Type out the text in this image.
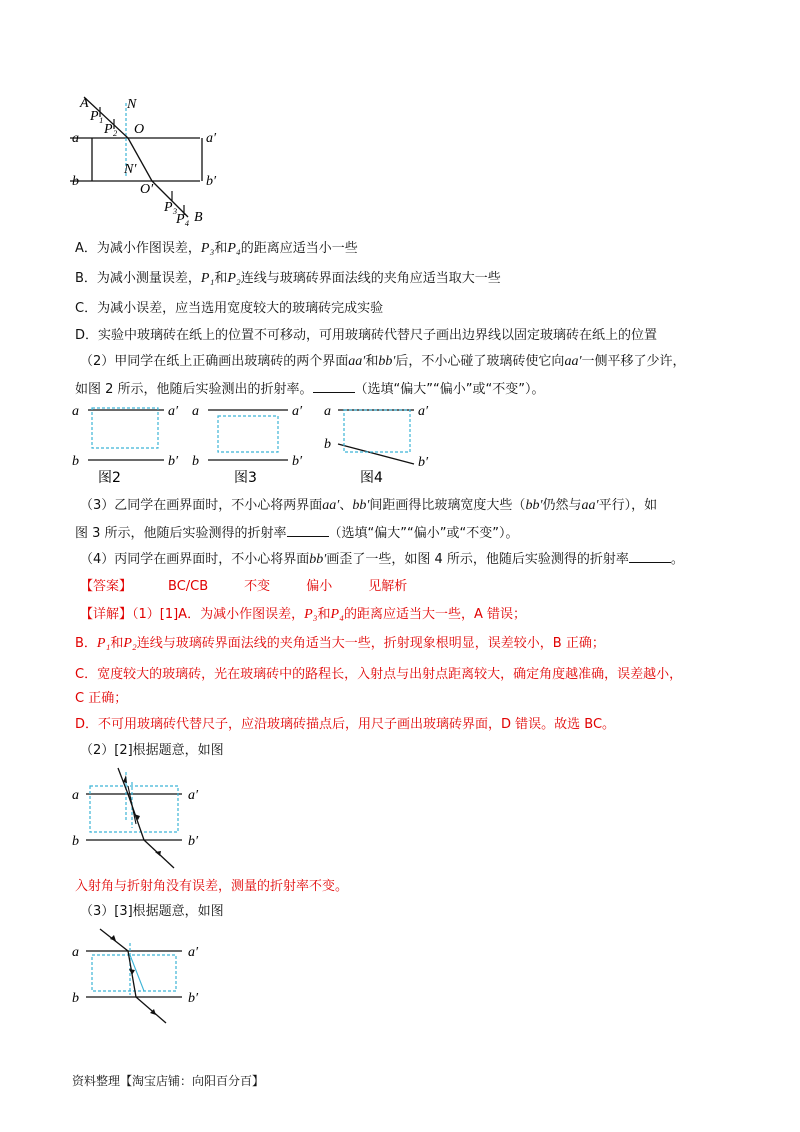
A
P₁
P₂
N
O
a	a′
b	b′
N′
O′
P₃
P₄ B
A．为减小作图误差，P₃和P₄的距离应适当小一些
B．为减小测量误差，P₁和P₂连线与玻璃砖界面法线的夹角应适当取大一些
C．为减小误差，应当选用宽度较大的玻璃砖完成实验
D．实验中玻璃砖在纸上的位置不可移动，可用玻璃砖代替尺子画出边界线以固定玻璃砖在纸上的位置
（2）甲同学在纸上正确画出玻璃砖的两个界面aa′和bb′后，不小心碰了玻璃砖使它向aa′一侧平移了少许，
如图 2 所示，他随后实验测出的折射率。	（选填“偏大”“偏小”或“不变”）。
a	a′
b	b′
图2
a	a′
b	b′
图3
a	a′
b
b′
图4
（3）乙同学在画界面时，不小心将两界面aa′、bb′间距画得比玻璃宽度大些（bb′仍然与aa′平行），如
图 3 所示，他随后实验测得的折射率	（选填“偏大”“偏小”或“不变”）。
（4）丙同学在画界面时，不小心将界面bb′画歪了一些，如图 4 所示，他随后实验测得的折射率	。
【答案】	BC/CB	不变	偏小	见解析
【详解】（1）[1]A．为减小作图误差，P₃和P₄的距离应适当大一些，A 错误；
B．P₁和P₂连线与玻璃砖界面法线的夹角适当大一些，折射现象根明显，误差较小，B 正确；
C．宽度较大的玻璃砖，光在玻璃砖中的路程长，入射点与出射点距离较大，确定角度越准确，误差越小，
C 正确；
D．不可用玻璃砖代替尺子，应沿玻璃砖描点后，用尺子画出玻璃砖界面，D 错误。故选 BC。
（2）[2]根据题意，如图
a	a′
b	b′
入射角与折射角没有误差，测量的折射率不变。
（3）[3]根据题意，如图
a	a′
b	b′
资料整理【淘宝店铺：向阳百分百】
